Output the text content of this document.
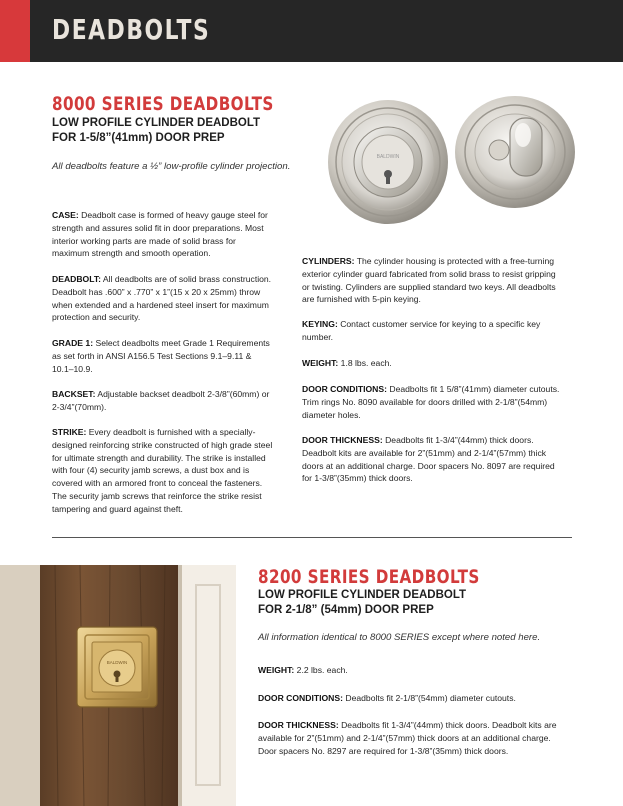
DEADBOLTS
8000 SERIES DEADBOLTS
LOW PROFILE CYLINDER DEADBOLT
FOR 1-5/8”(41mm) DOOR PREP
All deadbolts feature a ½” low-profile cylinder projection.
BALDWIN
CASE: Deadbolt case is formed of heavy gauge steel for strength and assures solid fit in door preparations. Most interior working parts are made of solid brass for maximum strength and smooth operation.
DEADBOLT: All deadbolts are of solid brass construction. Deadbolt has .600” x .770” x 1”(15 x 20 x 25mm) throw when extended and a hardened steel insert for maximum protection and security.
GRADE 1: Select deadbolts meet Grade 1 Requirements as set forth in ANSI A156.5 Test Sections 9.1–9.11 & 10.1–10.9.
BACKSET: Adjustable backset deadbolt 2-3/8”(60mm) or 2-3/4”(70mm).
STRIKE: Every deadbolt is furnished with a specially-designed reinforcing strike constructed of high grade steel for ultimate strength and durability. The strike is installed with four (4) security jamb screws, a dust box and is covered with an armored front to conceal the fasteners. The security jamb screws that reinforce the strike resist tampering and guard against theft.
CYLINDERS: The cylinder housing is protected with a free-turning exterior cylinder guard fabricated from solid brass to resist gripping or twisting. Cylinders are supplied standard two keys. All deadbolts are furnished with 5-pin keying.
KEYING: Contact customer service for keying to a specific key number.
WEIGHT: 1.8 lbs. each.
DOOR CONDITIONS: Deadbolts fit 1 5/8”(41mm) diameter cutouts. Trim rings No. 8090 available for doors drilled with 2-1/8”(54mm) diameter holes.
DOOR THICKNESS: Deadbolts fit 1-3/4”(44mm) thick doors. Deadbolt kits are available for 2”(51mm) and 2-1/4”(57mm) thick doors at an additional charge. Door spacers No. 8097 are required for 1-3/8”(35mm) thick doors.
BALDWIN
8200 SERIES DEADBOLTS
LOW PROFILE CYLINDER DEADBOLT
FOR 2-1/8” (54mm) DOOR PREP
All information identical to 8000 SERIES except where noted here.
WEIGHT: 2.2 lbs. each.
DOOR CONDITIONS: Deadbolts fit 2-1/8”(54mm) diameter cutouts.
DOOR THICKNESS: Deadbolts fit 1-3/4”(44mm) thick doors. Deadbolt kits are available for 2”(51mm) and 2-1/4”(57mm) thick doors at an additional charge. Door spacers No. 8297 are required for 1-3/8”(35mm) thick doors.
